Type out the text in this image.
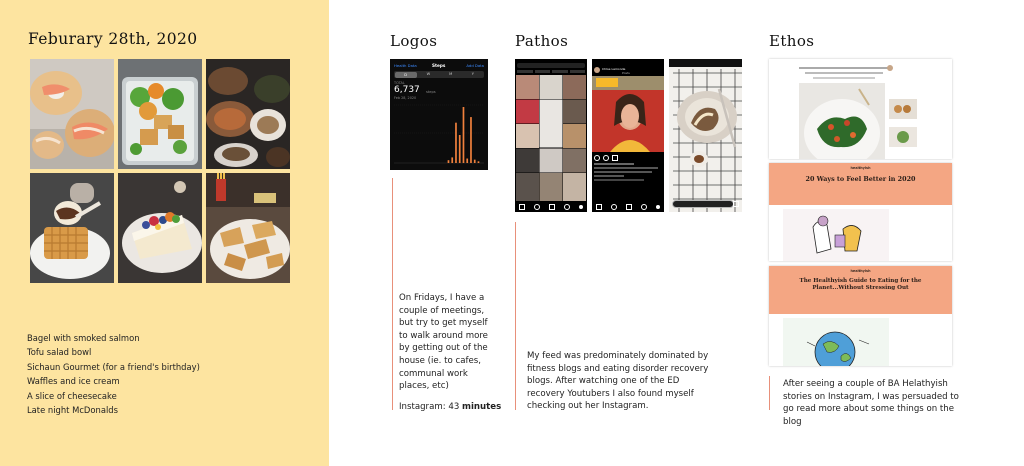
Feburary 28th, 2020
Bagel with smoked salmon
Tofu salad bowl
Sichaun Gourmet (for a friend's birthday)
Waffles and ice cream
A slice of cheesecake
Late night McDonalds
Logos
Health Data	Steps	Add Data
D	W	M	Y
TOTAL
6,737 steps
Feb 28, 2020
On Fridays, I have a couple of meetings, but try to get myself to walk around more by getting out of the house (ie. to cafes, communal work places, etc)
Instagram: 43 minutes
Pathos
Chloe Lamonde
Posts
My feed was predominately dominated by fitness blogs and eating disorder recovery blogs. After watching one of the ED recovery Youtubers I also found myself checking out her Instagram.
Ethos
healthyish
20 Ways to Feel Better in 2020
healthyish
The Healthyish Guide to Eating for the Planet...Without Stressing Out
After seeing a couple of BA Helathyish stories on Instagram, I was persuaded to go read more about some things on the blog
